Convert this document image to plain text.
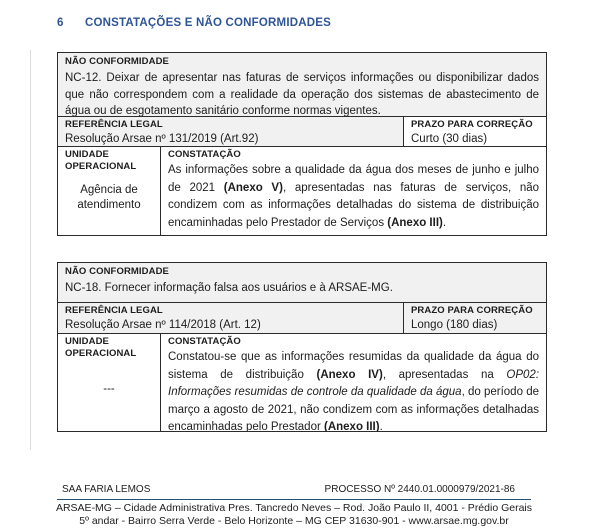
6 CONSTATAÇÕES E NÃO CONFORMIDADES
NÃO CONFORMIDADE
NC-12. Deixar de apresentar nas faturas de serviços informações ou disponibilizar dados que não correspondem com a realidade da operação dos sistemas de abastecimento de água ou de esgotamento sanitário conforme normas vigentes.
REFERÊNCIA LEGAL
Resolução Arsae nº 131/2019 (Art.92)
PRAZO PARA CORREÇÃO
Curto (30 dias)
UNIDADE OPERACIONAL
Agência de atendimento
CONSTATAÇÃO
As informações sobre a qualidade da água dos meses de junho e julho de 2021 (Anexo V), apresentadas nas faturas de serviços, não condizem com as informações detalhadas do sistema de distribuição encaminhadas pelo Prestador de Serviços (Anexo III).
NÃO CONFORMIDADE
NC-18. Fornecer informação falsa aos usuários e à ARSAE-MG.
REFERÊNCIA LEGAL
Resolução Arsae nº 114/2018 (Art. 12)
PRAZO PARA CORREÇÃO
Longo (180 dias)
UNIDADE OPERACIONAL
---
CONSTATAÇÃO
Constatou-se que as informações resumidas da qualidade da água do sistema de distribuição (Anexo IV), apresentadas na OP02: Informações resumidas de controle da qualidade da água, do período de março a agosto de 2021, não condizem com as informações detalhadas encaminhadas pelo Prestador (Anexo III).
SAA FARIA LEMOS	PROCESSO Nº 2440.01.0000979/2021-86
ARSAE-MG – Cidade Administrativa Pres. Tancredo Neves – Rod. João Paulo II, 4001 - Prédio Gerais
5º andar - Bairro Serra Verde - Belo Horizonte – MG CEP 31630-901 - www.arsae.mg.gov.br
